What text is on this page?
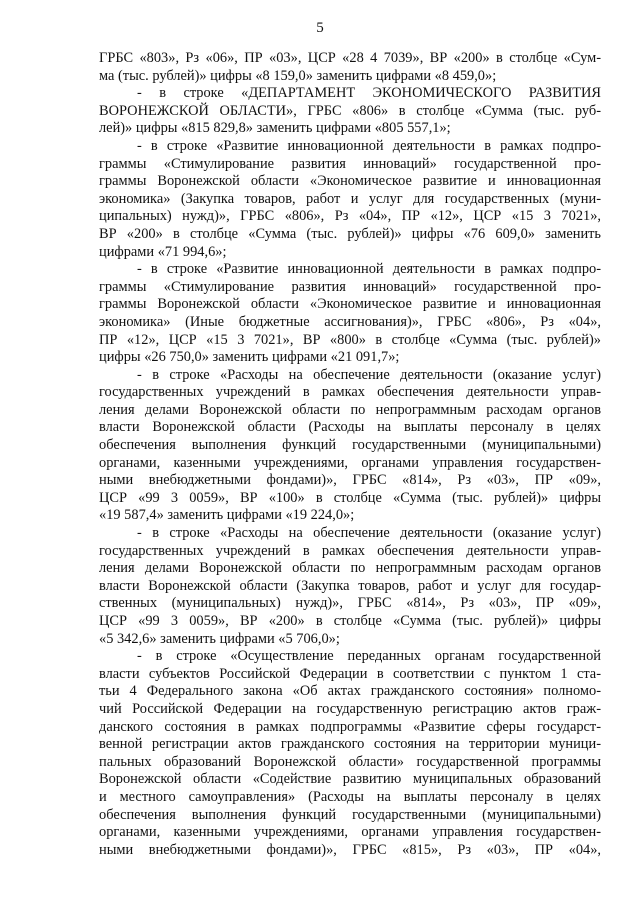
5
ГРБС «803», Рз «06», ПР «03», ЦСР «28 4 7039», ВР «200» в столбце «Сум-
ма (тыс. рублей)» цифры «8 159,0» заменить цифрами «8 459,0»;
- в строке «ДЕПАРТАМЕНТ ЭКОНОМИЧЕСКОГО РАЗВИТИЯ
ВОРОНЕЖСКОЙ ОБЛАСТИ», ГРБС «806» в столбце «Сумма (тыс. руб-
лей)» цифры «815 829,8» заменить цифрами «805 557,1»;
- в строке «Развитие инновационной деятельности в рамках подпро-
граммы «Стимулирование развития инноваций» государственной про-
граммы Воронежской области «Экономическое развитие и инновационная
экономика» (Закупка товаров, работ и услуг для государственных (муни-
ципальных) нужд)», ГРБС «806», Рз «04», ПР «12», ЦСР «15 3 7021»,
ВР «200» в столбце «Сумма (тыс. рублей)» цифры «76 609,0» заменить
цифрами «71 994,6»;
- в строке «Развитие инновационной деятельности в рамках подпро-
граммы «Стимулирование развития инноваций» государственной про-
граммы Воронежской области «Экономическое развитие и инновационная
экономика» (Иные бюджетные ассигнования)», ГРБС «806», Рз «04»,
ПР «12», ЦСР «15 3 7021», ВР «800» в столбце «Сумма (тыс. рублей)»
цифры «26 750,0» заменить цифрами «21 091,7»;
- в строке «Расходы на обеспечение деятельности (оказание услуг)
государственных учреждений в рамках обеспечения деятельности управ-
ления делами Воронежской области по непрограммным расходам органов
власти Воронежской области (Расходы на выплаты персоналу в целях
обеспечения выполнения функций государственными (муниципальными)
органами, казенными учреждениями, органами управления государствен-
ными внебюджетными фондами)», ГРБС «814», Рз «03», ПР «09»,
ЦСР «99 3 0059», ВР «100» в столбце «Сумма (тыс. рублей)» цифры
«19 587,4» заменить цифрами «19 224,0»;
- в строке «Расходы на обеспечение деятельности (оказание услуг)
государственных учреждений в рамках обеспечения деятельности управ-
ления делами Воронежской области по непрограммным расходам органов
власти Воронежской области (Закупка товаров, работ и услуг для государ-
ственных (муниципальных) нужд)», ГРБС «814», Рз «03», ПР «09»,
ЦСР «99 3 0059», ВР «200» в столбце «Сумма (тыс. рублей)» цифры
«5 342,6» заменить цифрами «5 706,0»;
- в строке «Осуществление переданных органам государственной
власти субъектов Российской Федерации в соответствии с пунктом 1 ста-
тьи 4 Федерального закона «Об актах гражданского состояния» полномо-
чий Российской Федерации на государственную регистрацию актов граж-
данского состояния в рамках подпрограммы «Развитие сферы государст-
венной регистрации актов гражданского состояния на территории муници-
пальных образований Воронежской области» государственной программы
Воронежской области «Содействие развитию муниципальных образований
и местного самоуправления» (Расходы на выплаты персоналу в целях
обеспечения выполнения функций государственными (муниципальными)
органами, казенными учреждениями, органами управления государствен-
ными внебюджетными фондами)», ГРБС «815», Рз «03», ПР «04»,
